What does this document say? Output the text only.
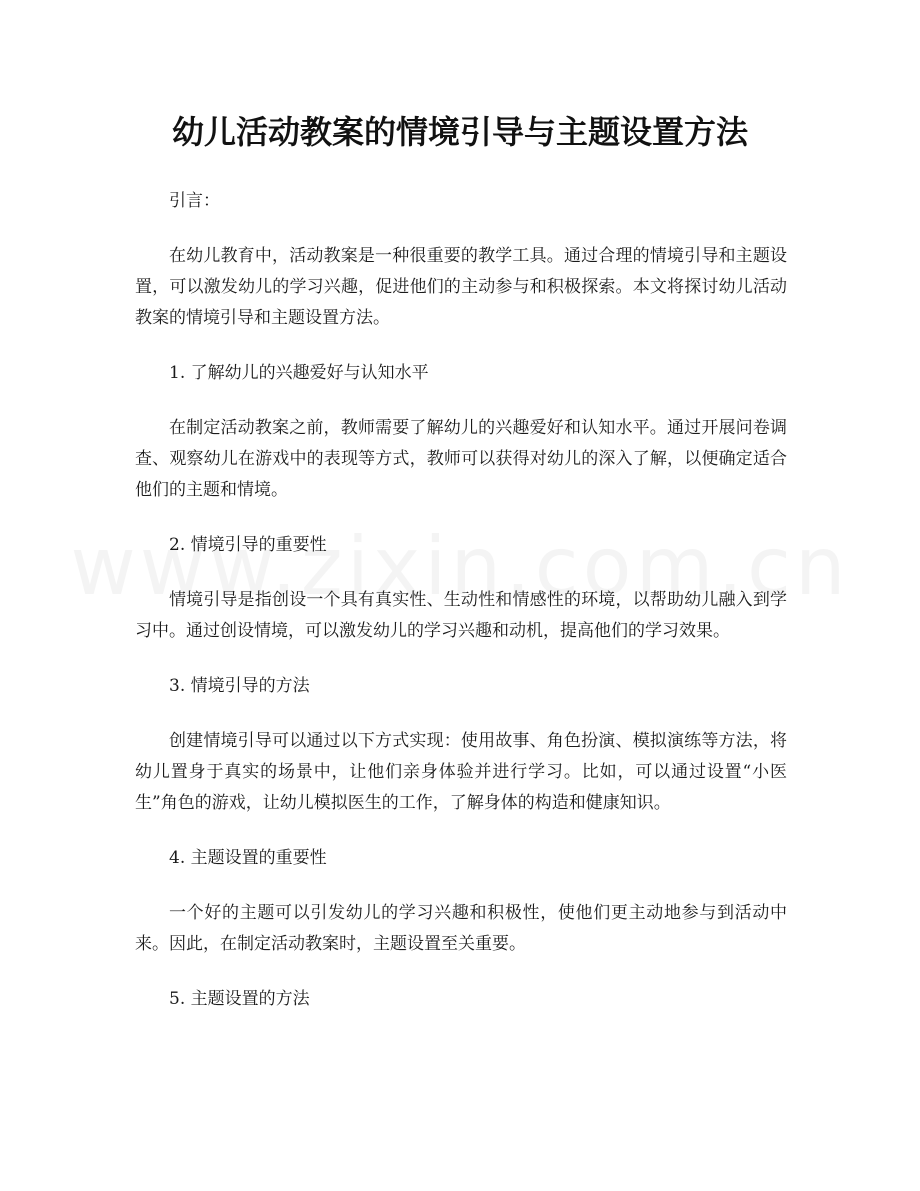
幼儿活动教案的情境引导与主题设置方法

引言：

在幼儿教育中，活动教案是一种很重要的教学工具。通过合理的情境引导和主题设置，可以激发幼儿的学习兴趣，促进他们的主动参与和积极探索。本文将探讨幼儿活动教案的情境引导和主题设置方法。

1. 了解幼儿的兴趣爱好与认知水平

在制定活动教案之前，教师需要了解幼儿的兴趣爱好和认知水平。通过开展问卷调查、观察幼儿在游戏中的表现等方式，教师可以获得对幼儿的深入了解，以便确定适合他们的主题和情境。

2. 情境引导的重要性

情境引导是指创设一个具有真实性、生动性和情感性的环境，以帮助幼儿融入到学习中。通过创设情境，可以激发幼儿的学习兴趣和动机，提高他们的学习效果。

3. 情境引导的方法

创建情境引导可以通过以下方式实现：使用故事、角色扮演、模拟演练等方法，将幼儿置身于真实的场景中，让他们亲身体验并进行学习。比如，可以通过设置“小医生”角色的游戏，让幼儿模拟医生的工作，了解身体的构造和健康知识。

4. 主题设置的重要性

一个好的主题可以引发幼儿的学习兴趣和积极性，使他们更主动地参与到活动中来。因此，在制定活动教案时，主题设置至关重要。

5. 主题设置的方法
